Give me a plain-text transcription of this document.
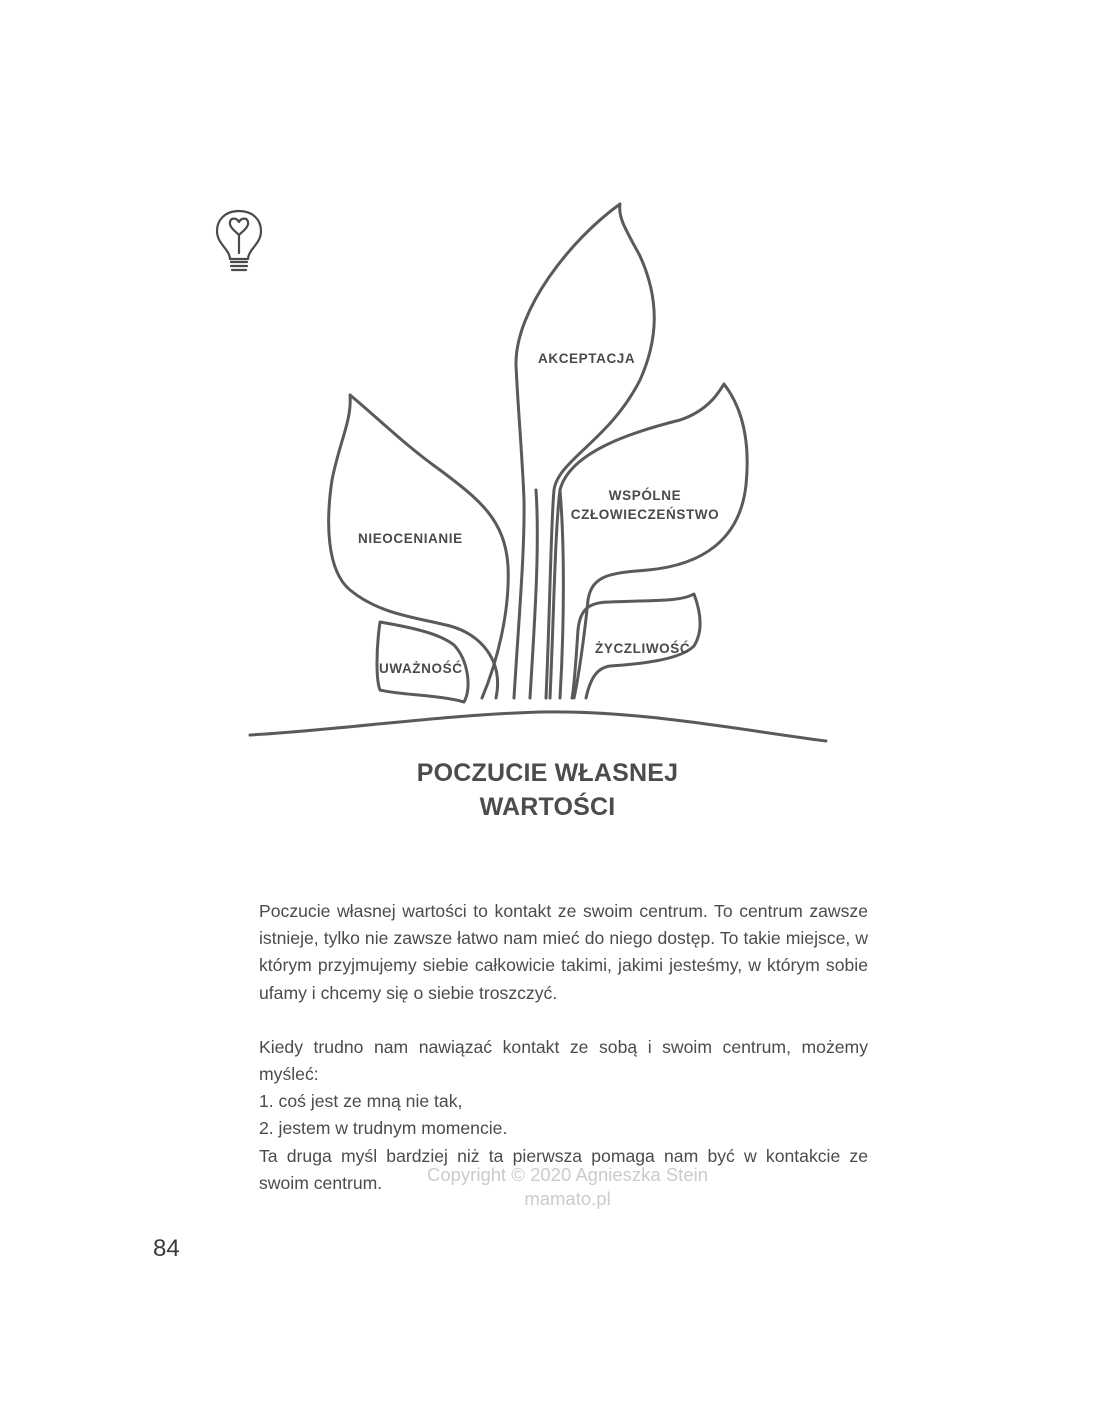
AKCEPTACJA
WSPÓLNE
CZŁOWIECZEŃSTWO
NIEOCENIANIE
UWAŻNOŚĆ
ŻYCZLIWOŚĆ
POCZUCIE WŁASNEJ
WARTOŚCI

Poczucie własnej wartości to kontakt ze swoim centrum. To centrum zawsze istnieje, tylko nie zawsze łatwo nam mieć do niego dostęp. To takie miejsce, w którym przyjmujemy siebie całkowicie takimi, jakimi jesteśmy, w którym sobie ufamy i chcemy się o siebie troszczyć.

Kiedy trudno nam nawiązać kontakt ze sobą i swoim centrum, możemy myśleć:

1. coś jest ze mną nie tak,

2. jestem w trudnym momencie.

Ta druga myśl bardziej niż ta pierwsza pomaga nam być w kontakcie ze swoim centrum.	Copyright © 2020 Agnieszka Stein
mamato.pl
84
